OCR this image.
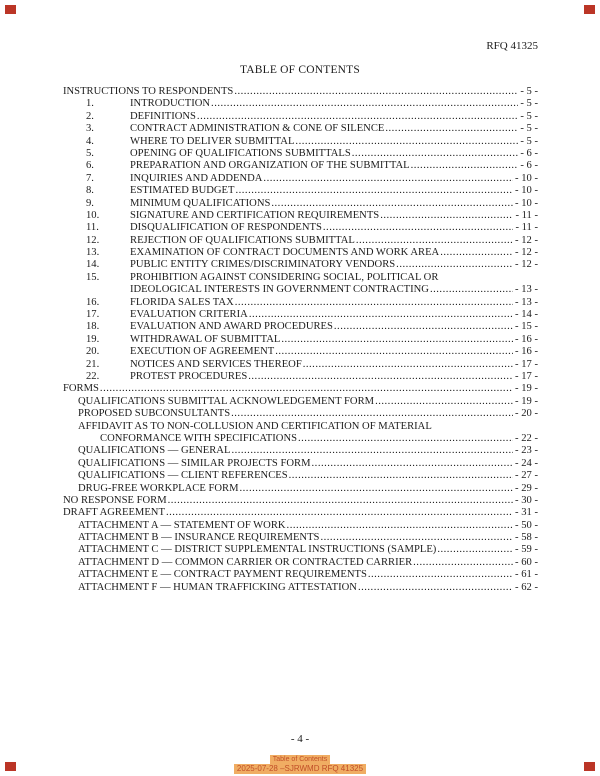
RFQ 41325
TABLE OF CONTENTS
INSTRUCTIONS TO RESPONDENTS .....	- 5 -
1.	INTRODUCTION .....	- 5 -
2.	DEFINITIONS .....	- 5 -
3.	CONTRACT ADMINISTRATION & CONE OF SILENCE .....	- 5 -
4.	WHERE TO DELIVER SUBMITTAL .....	- 5 -
5.	OPENING OF QUALIFICATIONS SUBMITTALS .....	- 6 -
6.	PREPARATION AND ORGANIZATION OF THE SUBMITTAL .....	- 6 -
7.	INQUIRIES AND ADDENDA .....	- 10 -
8.	ESTIMATED BUDGET .....	- 10 -
9.	MINIMUM QUALIFICATIONS .....	- 10 -
10.	SIGNATURE AND CERTIFICATION REQUIREMENTS .....	- 11 -
11.	DISQUALIFICATION OF RESPONDENTS .....	- 11 -
12.	REJECTION OF QUALIFICATIONS SUBMITTAL .....	- 12 -
13.	EXAMINATION OF CONTRACT DOCUMENTS AND WORK AREA .....	- 12 -
14.	PUBLIC ENTITY CRIMES/DISCRIMINATORY VENDORS .....	- 12 -
15.	PROHIBITION AGAINST CONSIDERING SOCIAL, POLITICAL OR
IDEOLOGICAL INTERESTS IN GOVERNMENT CONTRACTING .....	- 13 -
16.	FLORIDA SALES TAX .....	- 13 -
17.	EVALUATION CRITERIA .....	- 14 -
18.	EVALUATION AND AWARD PROCEDURES .....	- 15 -
19.	WITHDRAWAL OF SUBMITTAL .....	- 16 -
20.	EXECUTION OF AGREEMENT .....	- 16 -
21.	NOTICES AND SERVICES THEREOF .....	- 17 -
22.	PROTEST PROCEDURES .....	- 17 -
FORMS .....	- 19 -
QUALIFICATIONS SUBMITTAL ACKNOWLEDGEMENT FORM .....	- 19 -
PROPOSED SUBCONSULTANTS .....	- 20 -
AFFIDAVIT AS TO NON-COLLUSION AND CERTIFICATION OF MATERIAL
CONFORMANCE WITH SPECIFICATIONS .....	- 22 -
QUALIFICATIONS — GENERAL .....	- 23 -
QUALIFICATIONS — SIMILAR PROJECTS FORM .....	- 24 -
QUALIFICATIONS — CLIENT REFERENCES .....	- 27 -
DRUG-FREE WORKPLACE FORM .....	- 29 -
NO RESPONSE FORM .....	- 30 -
DRAFT AGREEMENT .....	- 31 -
ATTACHMENT A — STATEMENT OF WORK .....	- 50 -
ATTACHMENT B — INSURANCE REQUIREMENTS .....	- 58 -
ATTACHMENT C — DISTRICT SUPPLEMENTAL INSTRUCTIONS (SAMPLE) .....	- 59 -
ATTACHMENT D — COMMON CARRIER OR CONTRACTED CARRIER .....	- 60 -
ATTACHMENT E — CONTRACT PAYMENT REQUIREMENTS .....	- 61 -
ATTACHMENT F — HUMAN TRAFFICKING ATTESTATION .....	- 62 -
- 4 -
Table of Contents
2025-07-28 –SJRWMD RFQ 41325
